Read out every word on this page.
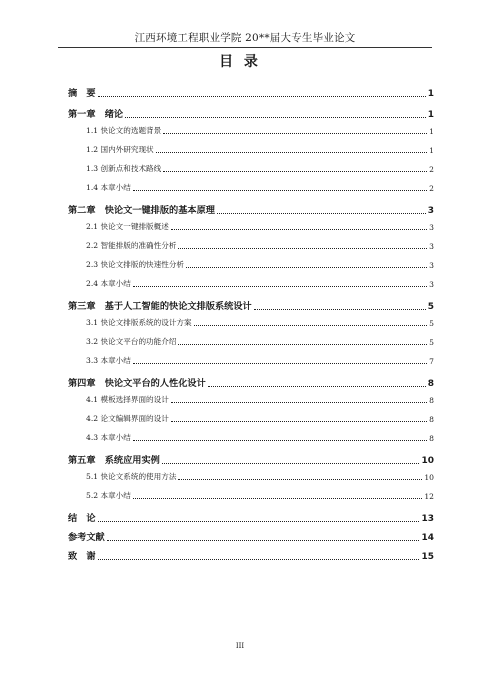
江西环境工程职业学院 20**届大专生毕业论文
目 录
摘　要	1
第一章　绪论	1
1.1 快论文的选题背景	1
1.2 国内外研究现状	1
1.3 创新点和技术路线	2
1.4 本章小结	2
第二章　快论文一键排版的基本原理	3
2.1 快论文一键排版概述	3
2.2 智能排版的准确性分析	3
2.3 快论文排版的快速性分析	3
2.4 本章小结	3
第三章　基于人工智能的快论文排版系统设计	5
3.1 快论文排版系统的设计方案	5
3.2 快论文平台的功能介绍	5
3.3 本章小结	7
第四章　快论文平台的人性化设计	8
4.1 模板选择界面的设计	8
4.2 论文编辑界面的设计	8
4.3 本章小结	8
第五章　系统应用实例	10
5.1 快论文系统的使用方法	10
5.2 本章小结	12
结　论	13
参考文献	14
致　谢	15
III
